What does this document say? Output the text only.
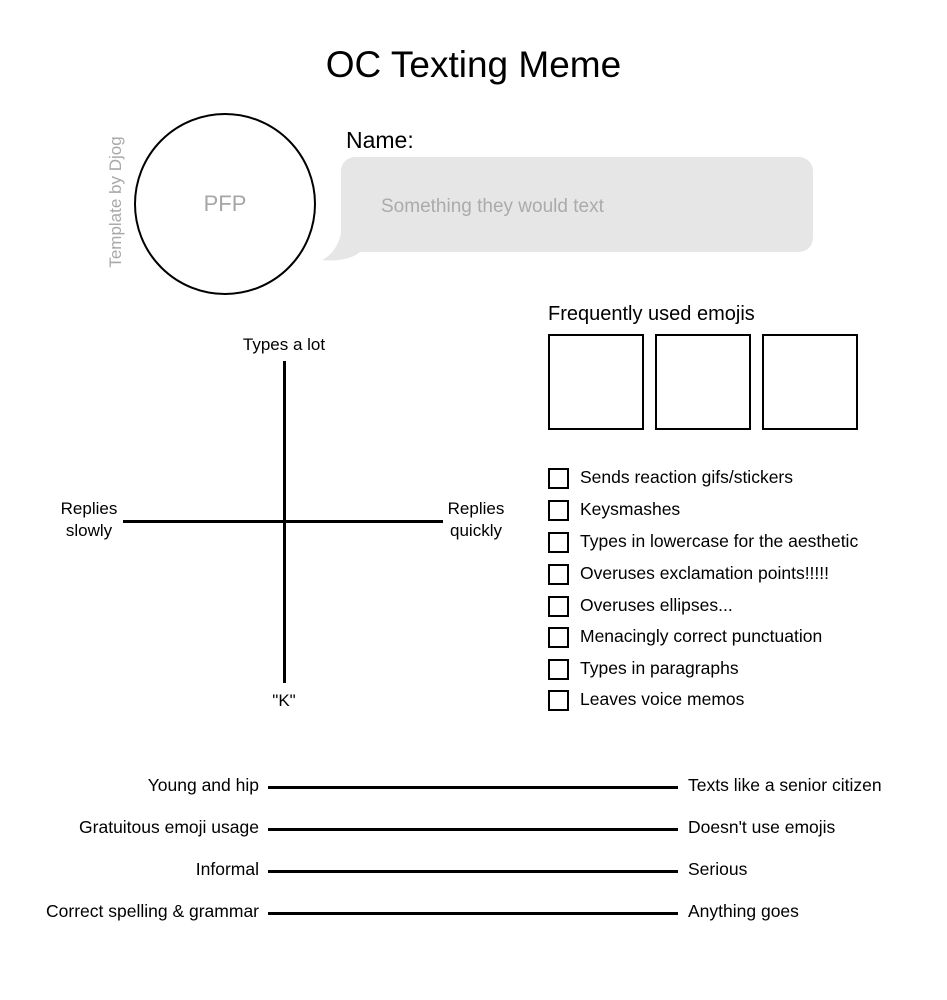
OC Texting Meme
Template by Djog	PFP
Name:
Something they would text
Frequently used emojis
Sends reaction gifs/stickers
Keysmashes
Types in lowercase for the aesthetic
Overuses exclamation points!!!!!
Overuses ellipses...
Menacingly correct punctuation
Types in paragraphs
Leaves voice memos
Types a lot
"K"
Replies
slowly
Replies
quickly
Young and hip	Texts like a senior citizen
Gratuitous emoji usage	Doesn't use emojis
Informal	Serious
Correct spelling & grammar	Anything goes
